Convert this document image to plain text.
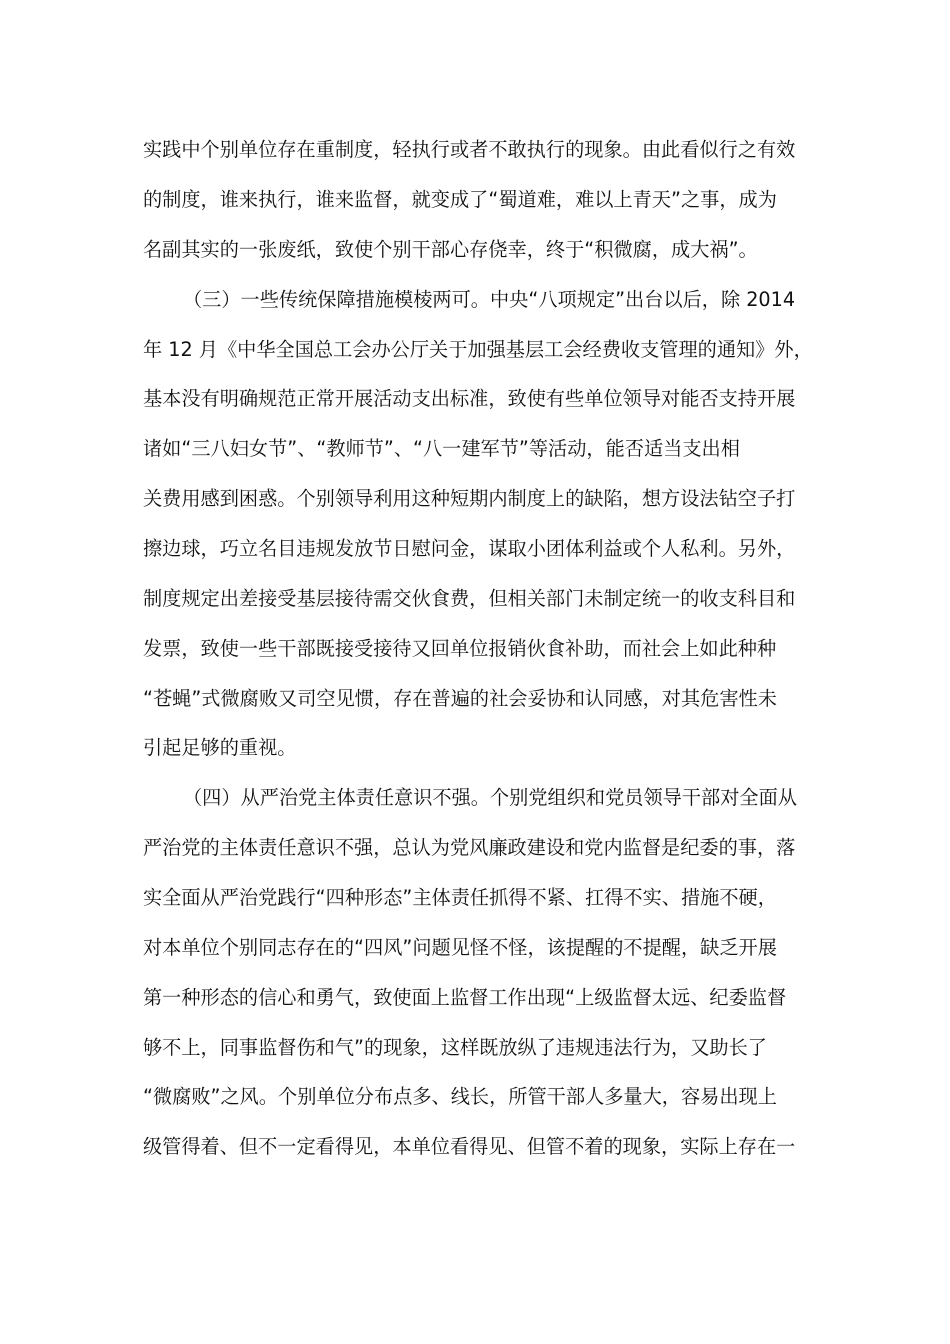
实践中个别单位存在重制度，轻执行或者不敢执行的现象。由此看似行之有效
的制度，谁来执行，谁来监督，就变成了“蜀道难，难以上青天”之事，成为
名副其实的一张废纸，致使个别干部心存侥幸，终于“积微腐，成大祸”。
（三）一些传统保障措施模棱两可。中央“八项规定”出台以后，除 2014
年 12 月《中华全国总工会办公厅关于加强基层工会经费收支管理的通知》外，
基本没有明确规范正常开展活动支出标准，致使有些单位领导对能否支持开展
诸如“三八妇女节”、“教师节”、“八一建军节”等活动，能否适当支出相
关费用感到困惑。个别领导利用这种短期内制度上的缺陷，想方设法钻空子打
擦边球，巧立名目违规发放节日慰问金，谋取小团体利益或个人私利。另外，
制度规定出差接受基层接待需交伙食费，但相关部门未制定统一的收支科目和
发票，致使一些干部既接受接待又回单位报销伙食补助，而社会上如此种种
“苍蝇”式微腐败又司空见惯，存在普遍的社会妥协和认同感，对其危害性未
引起足够的重视。
（四）从严治党主体责任意识不强。个别党组织和党员领导干部对全面从
严治党的主体责任意识不强，总认为党风廉政建设和党内监督是纪委的事，落
实全面从严治党践行“四种形态”主体责任抓得不紧、扛得不实、措施不硬，
对本单位个别同志存在的“四风”问题见怪不怪，该提醒的不提醒，缺乏开展
第一种形态的信心和勇气，致使面上监督工作出现“上级监督太远、纪委监督
够不上，同事监督伤和气”的现象，这样既放纵了违规违法行为，又助长了
“微腐败”之风。个别单位分布点多、线长，所管干部人多量大，容易出现上
级管得着、但不一定看得见，本单位看得见、但管不着的现象，实际上存在一
